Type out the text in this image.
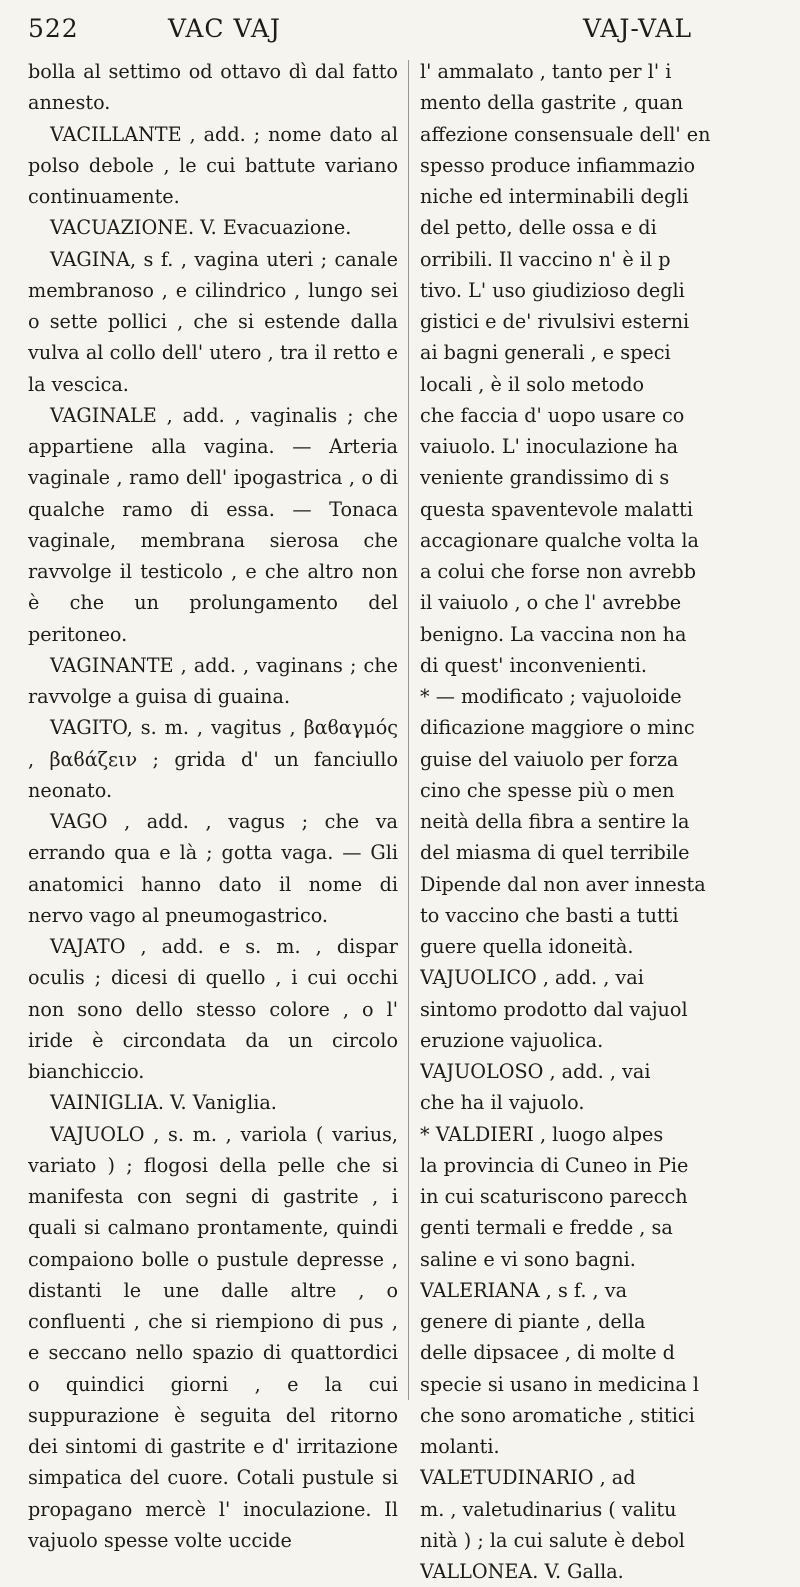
522	VAC VAJ	VAJ-VAL

bolla al settimo od ottavo dì dal fatto annesto.

VACILLANTE , add. ; nome dato al polso debole , le cui battute variano continuamente.

VACUAZIONE. V. Evacuazione.

VAGINA, s f. , vagina uteri ; canale membranoso , e cilindrico , lungo sei o sette pollici , che si estende dalla vulva al collo dell' utero , tra il retto e la vescica.

VAGINALE , add. , vaginalis ; che appartiene alla vagina. — Arteria vaginale , ramo dell' ipogastrica , o di qualche ramo di essa. — Tonaca vaginale, membrana sierosa che ravvolge il testicolo , e che altro non è che un prolungamento del peritoneo.

VAGINANTE , add. , vaginans ; che ravvolge a guisa di guaina.

VAGITO, s. m. , vagitus , βαϐαγμός , βαϐάζειν ; grida d' un fanciullo neonato.

VAGO , add. , vagus ; che va errando qua e là ; gotta vaga. — Gli anatomici hanno dato il nome di nervo vago al pneumogastrico.

VAJATO , add. e s. m. , dispar oculis ; dicesi di quello , i cui occhi non sono dello stesso colore , o l' iride è circondata da un circolo bianchiccio.

VAINIGLIA. V. Vaniglia.

VAJUOLO , s. m. , variola ( varius, variato ) ; flogosi della pelle che si manifesta con segni di gastrite , i quali si calmano prontamente, quindi compaiono bolle o pustule depresse , distanti le une dalle altre , o confluenti , che si riempiono di pus , e seccano nello spazio di quattordici o quindici giorni , e la cui suppurazione è seguita del ritorno dei sintomi di gastrite e d' irritazione simpatica del cuore. Cotali pustule si propagano mercè l' inoculazione. Il vajuolo spesse volte uccide

l' ammalato , tanto per l' i
mento della gastrite , quan
affezione consensuale dell' en
spesso produce infiammazio
niche ed interminabili degli
del petto, delle ossa e di
orribili. Il vaccino n' è il p
tivo. L' uso giudizioso degli
gistici e de' rivulsivi esterni
ai bagni generali , e speci
locali , è il solo metodo
che faccia d' uopo usare co
vaiuolo. L' inoculazione ha
veniente grandissimo di s
questa spaventevole malatti
accagionare qualche volta la
a colui che forse non avrebb
il vaiuolo , o che l' avrebbe
benigno. La vaccina non ha
di quest' inconvenienti.
* — modificato ; vajuoloide
dificazione maggiore o minc
guise del vaiuolo per forza
cino che spesse più o men
neità della fibra a sentire la
del miasma di quel terribile
Dipende dal non aver innesta
to vaccino che basti a tutti
guere quella idoneità.
VAJUOLICO , add. , vai
sintomo prodotto dal vajuol
eruzione vajuolica.
VAJUOLOSO , add. , vai
che ha il vajuolo.
* VALDIERI , luogo alpes
la provincia di Cuneo in Pie
in cui scaturiscono parecch
genti termali e fredde , sa
saline e vi sono bagni.
VALERIANA , s f. , va
genere di piante , della
delle dipsacee , di molte d
specie si usano in medicina l
che sono aromatiche , stitici
molanti.
VALETUDINARIO , ad
m. , valetudinarius ( valitu
nità ) ; la cui salute è debol
VALLONEA. V. Galla.
